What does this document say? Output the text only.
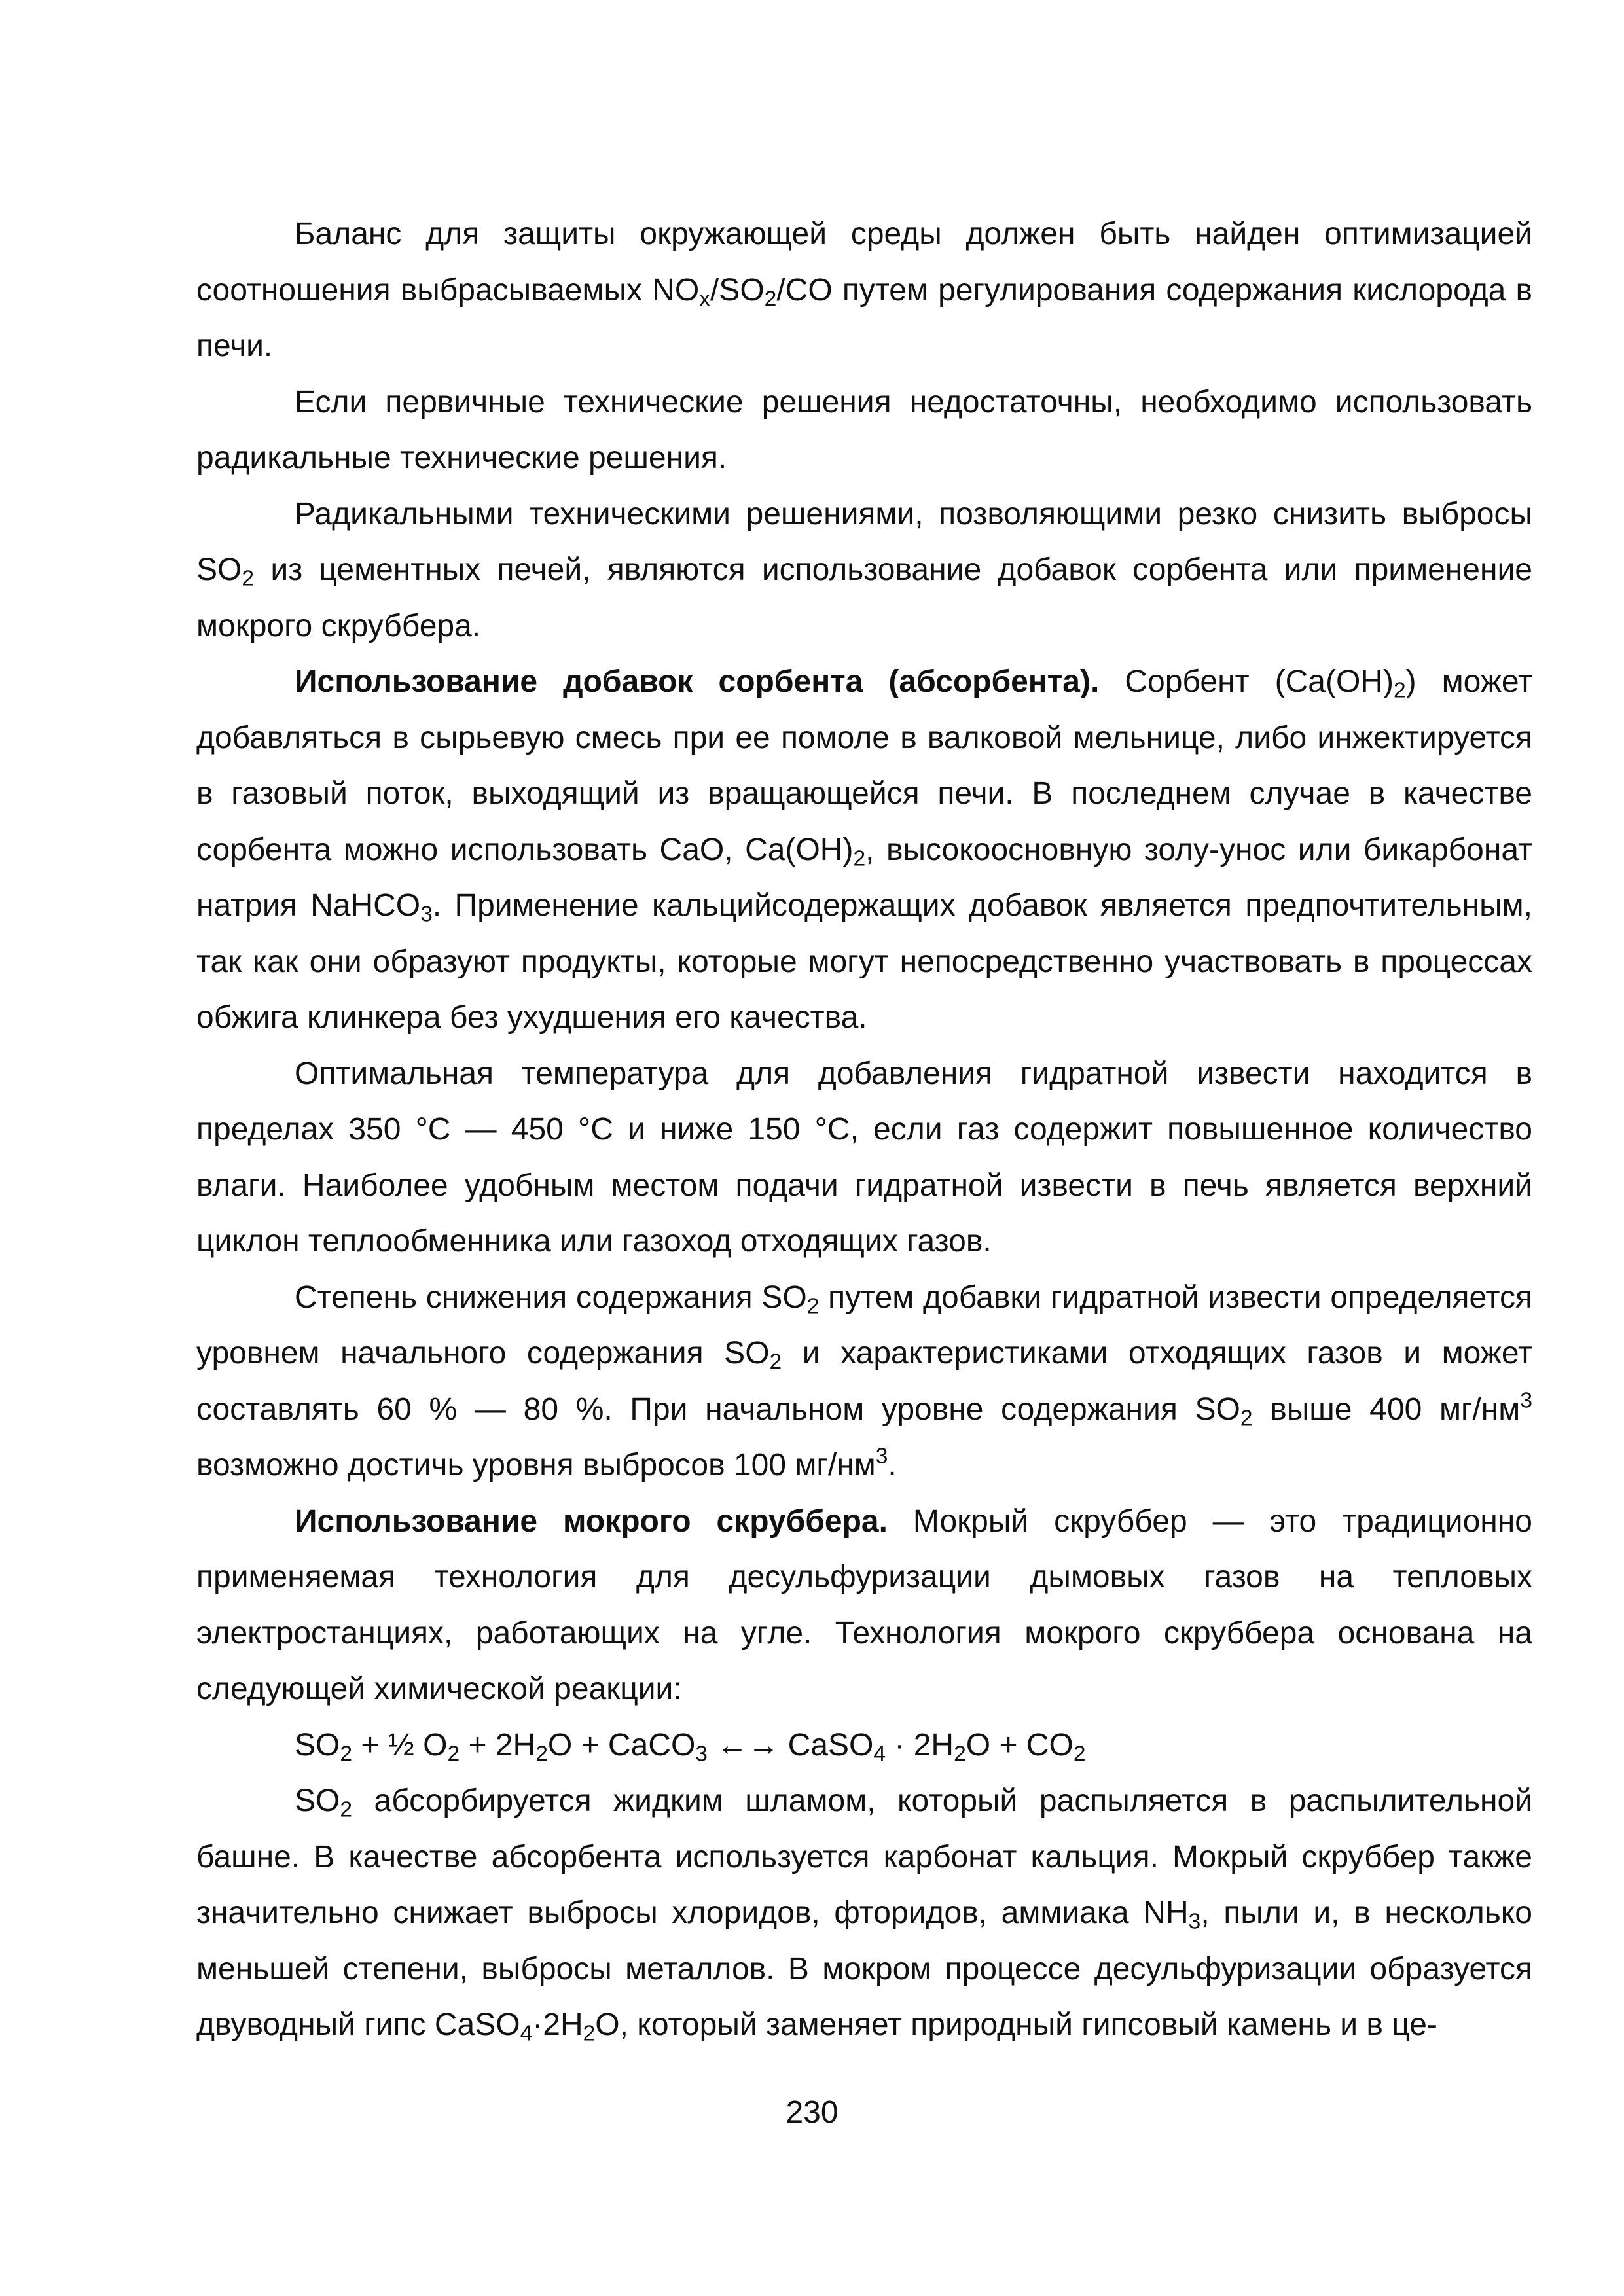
Баланс для защиты окружающей среды должен быть найден оптимизацией соотношения выбрасываемых $NO_x/SO_2/CO$ путем регулирования содержания кислорода в печи.

Если первичные технические решения недостаточны, необходимо использовать радикальные технические решения.

Радикальными техническими решениями, позволяющими резко снизить выбросы $SO_2$ из цементных печей, являются использование добавок сорбента или применение мокрого скруббера.

Использование добавок сорбента (абсорбента). Сорбент $(Ca(OH)_2)$ может добавляться в сырьевую смесь при ее помоле в валковой мельнице, либо инжектируется в газовый поток, выходящий из вращающейся печи. В последнем случае в качестве сорбента можно использовать CaO, $Ca(OH)_2$, высокоосновную золу-унос или бикарбонат натрия NaHCO$_3$. Применение кальцийсодержащих добавок является предпочтительным, так как они образуют продукты, которые могут непосредственно участвовать в процессах обжига клинкера без ухудшения его качества.

Оптимальная температура для добавления гидратной извести находится в пределах 350 °C — 450 °C и ниже 150 °C, если газ содержит повышенное количество влаги. Наиболее удобным местом подачи гидратной извести в печь является верхний циклон теплообменника или газоход отходящих газов.

Степень снижения содержания $SO_2$ путем добавки гидратной извести определяется уровнем начального содержания $SO_2$ и характеристиками отходящих газов и может составлять 60 % — 80 %. При начальном уровне содержания $SO_2$ выше 400 $мг/нм^3$ возможно достичь уровня выбросов 100 $мг/нм^3$.

Использование мокрого скруббера. Мокрый скруббер — это традиционно применяемая технология для десульфуризации дымовых газов на тепловых электростанциях, работающих на угле. Технология мокрого скруббера основана на следующей химической реакции:

$SO_2$ + ½ $O_2 + 2H_2O$ + CaCO$_3$ ←→ CaSO$_4$ · $2H_2O + CO_2$

$SO_2$ абсорбируется жидким шламом, который распыляется в распылительной башне. В качестве абсорбента используется карбонат кальция. Мокрый скруббер также значительно снижает выбросы хлоридов, фторидов, аммиака $NH_3$, пыли и, в несколько меньшей степени, выбросы металлов. В мокром процессе десульфуризации образуется двуводный гипс $CaSO_4\cdot 2H_2O$, который заменяет природный гипсовый камень и в це-

230
